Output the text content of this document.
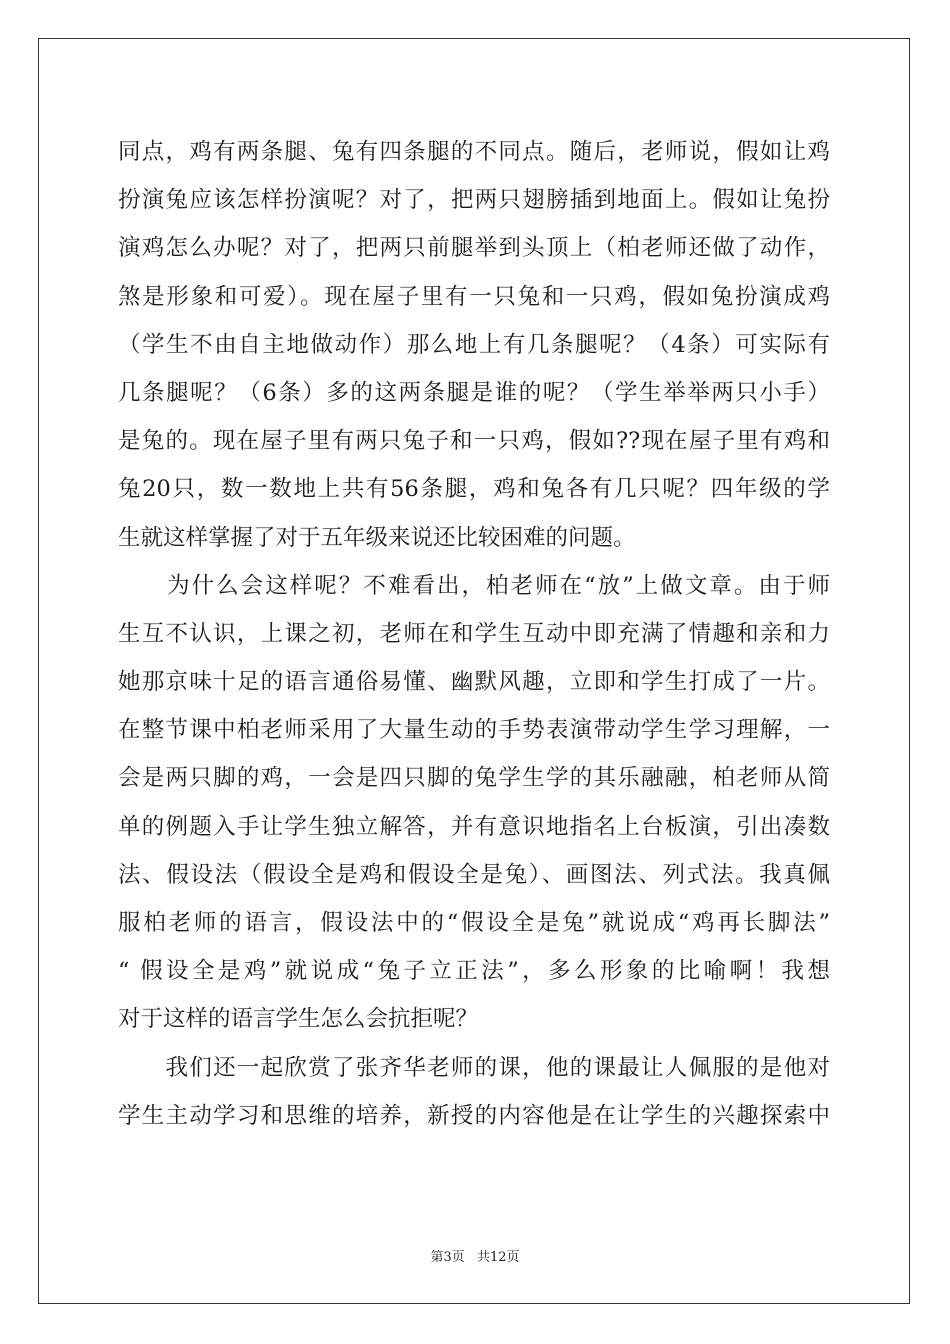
同点，鸡有两条腿、兔有四条腿的不同点。随后，老师说，假如让鸡
扮演兔应该怎样扮演呢？对了，把两只翅膀插到地面上。假如让兔扮
演鸡怎么办呢？对了，把两只前腿举到头顶上（柏老师还做了动作，
煞是形象和可爱）。现在屋子里有一只兔和一只鸡，假如兔扮演成鸡
（学生不由自主地做动作）那么地上有几条腿呢？（4条）可实际有
几条腿呢？（6条）多的这两条腿是谁的呢？（学生举举两只小手）
是兔的。现在屋子里有两只兔子和一只鸡，假如??现在屋子里有鸡和
兔20只，数一数地上共有56条腿，鸡和兔各有几只呢？四年级的学
生就这样掌握了对于五年级来说还比较困难的问题。
　　为什么会这样呢？不难看出，柏老师在“放”上做文章。由于师
生互不认识，上课之初，老师在和学生互动中即充满了情趣和亲和力
她那京味十足的语言通俗易懂、幽默风趣，立即和学生打成了一片。
在整节课中柏老师采用了大量生动的手势表演带动学生学习理解，一
会是两只脚的鸡，一会是四只脚的兔学生学的其乐融融，柏老师从简
单的例题入手让学生独立解答，并有意识地指名上台板演，引出凑数
法、假设法（假设全是鸡和假设全是兔）、画图法、列式法。我真佩
服柏老师的语言，假设法中的“假设全是兔”就说成“鸡再长脚法”
“ 假设全是鸡”就说成“兔子立正法”，多么形象的比喻啊！我想
对于这样的语言学生怎么会抗拒呢？
　　我们还一起欣赏了张齐华老师的课，他的课最让人佩服的是他对
学生主动学习和思维的培养，新授的内容他是在让学生的兴趣探索中
第3页 共12页
